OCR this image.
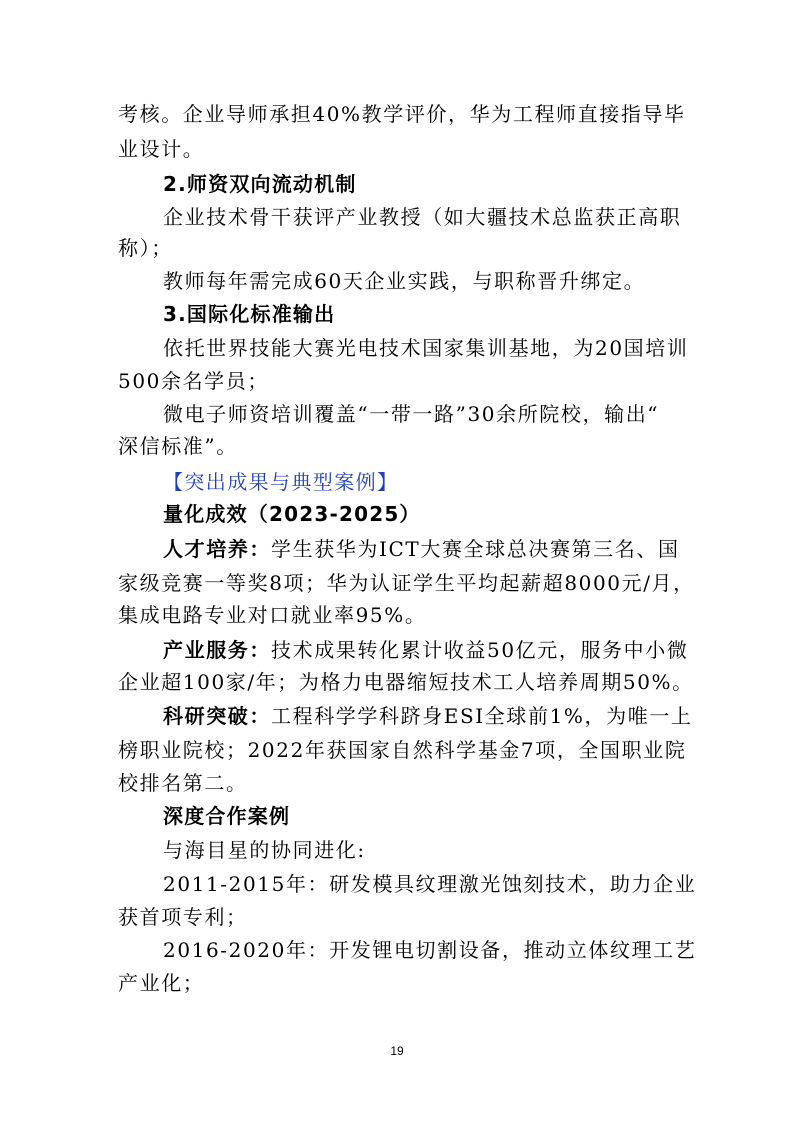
考核。企业导师承担40%教学评价，华为工程师直接指导毕
业设计。
2.师资双向流动机制
企业技术骨干获评产业教授（如大疆技术总监获正高职
称）；
教师每年需完成60天企业实践，与职称晋升绑定。
3.国际化标准输出
依托世界技能大赛光电技术国家集训基地，为20国培训
500余名学员；
微电子师资培训覆盖“一带一路”30余所院校，输出“
深信标准”。
【突出成果与典型案例】
量化成效（2023-2025）
人才培养：学生获华为ICT大赛全球总决赛第三名、国
家级竞赛一等奖8项；华为认证学生平均起薪超8000元/月，
集成电路专业对口就业率95%。
产业服务：技术成果转化累计收益50亿元，服务中小微
企业超100家/年；为格力电器缩短技术工人培养周期50%。
科研突破：工程科学学科跻身ESI全球前1%，为唯一上
榜职业院校；2022年获国家自然科学基金7项，全国职业院
校排名第二。
深度合作案例
与海目星的协同进化:
2011-2015年：研发模具纹理激光蚀刻技术，助力企业
获首项专利；
2016-2020年：开发锂电切割设备，推动立体纹理工艺
产业化；
19
